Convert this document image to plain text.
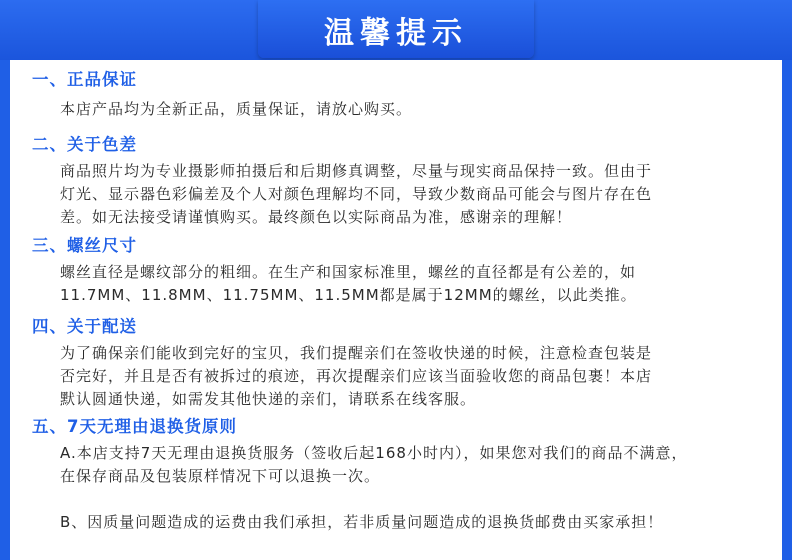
温馨提示
一、正品保证
本店产品均为全新正品，质量保证，请放心购买。
二、关于色差
商品照片均为专业摄影师拍摄后和后期修真调整，尽量与现实商品保持一致。但由于
灯光、显示器色彩偏差及个人对颜色理解均不同，导致少数商品可能会与图片存在色
差。如无法接受请谨慎购买。最终颜色以实际商品为准，感谢亲的理解！
三、螺丝尺寸
螺丝直径是螺纹部分的粗细。在生产和国家标准里，螺丝的直径都是有公差的，如
11.7MM、11.8MM、11.75MM、11.5MM都是属于12MM的螺丝，以此类推。
四、关于配送
为了确保亲们能收到完好的宝贝，我们提醒亲们在签收快递的时候，注意检查包装是
否完好，并且是否有被拆过的痕迹，再次提醒亲们应该当面验收您的商品包裹！本店
默认圆通快递，如需发其他快递的亲们，请联系在线客服。
五、7天无理由退换货原则
A.本店支持7天无理由退换货服务（签收后起168小时内），如果您对我们的商品不满意，
在保存商品及包装原样情况下可以退换一次。
B、因质量问题造成的运费由我们承担，若非质量问题造成的退换货邮费由买家承担！
